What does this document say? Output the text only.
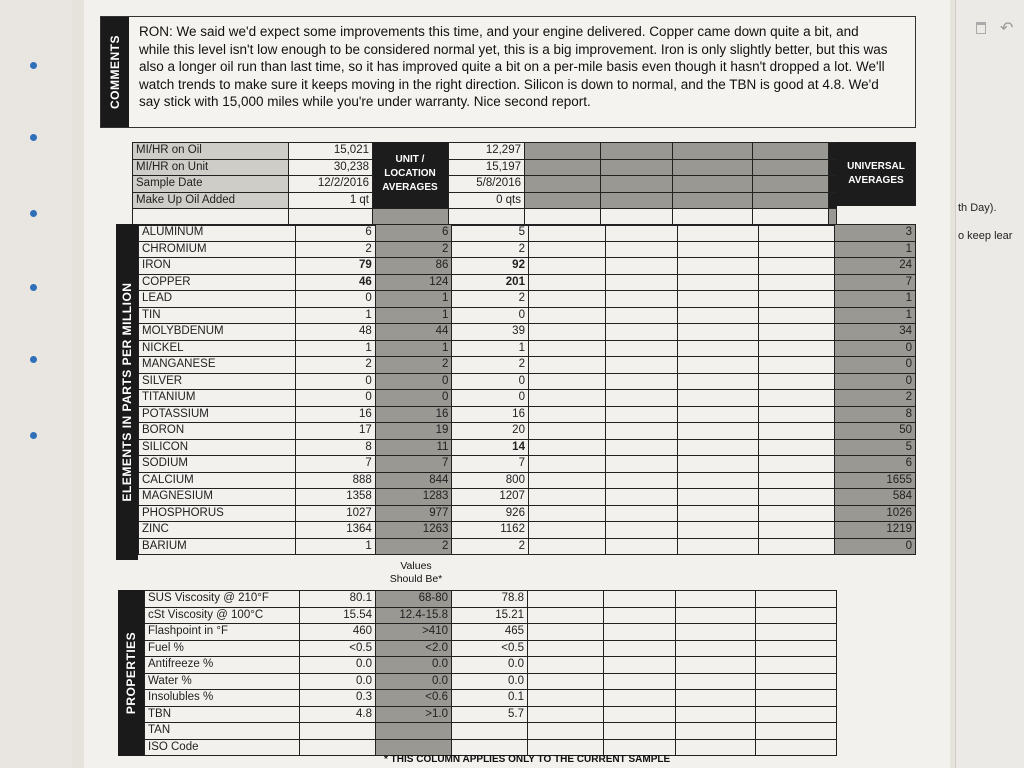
↶
th Day).
o keep lear
COMMENTS
RON: We said we'd expect some improvements this time, and your engine delivered. Copper came down quite a bit, and while this level isn't low enough to be considered normal yet, this is a big improvement. Iron is only slightly better, but this was also a longer oil run than last time, so it has improved quite a bit on a per-mile basis even though it hasn't dropped a lot. We'll watch trends to make sure it keeps moving in the right direction. Silicon is down to normal, and the TBN is good at 4.8. We'd say stick with 15,000 miles while you're under warranty. Nice second report.
MI/HR on Oil	15,021		12,297					
MI/HR on Unit	30,238		15,197					
Sample Date	12/2/2016		5/8/2016					
Make Up Oil Added	1 qt		0 qts					

UNIT / LOCATION AVERAGES
UNIVERSAL AVERAGES
ELEMENTS IN PARTS PER MILLION
ALUMINUM	6	6	5					3
CHROMIUM	2	2	2					1
IRON	79	86	92					24
COPPER	46	124	201					7
LEAD	0	1	2					1
TIN	1	1	0					1
MOLYBDENUM	48	44	39					34
NICKEL	1	1	1					0
MANGANESE	2	2	2					0
SILVER	0	0	0					0
TITANIUM	0	0	0					2
POTASSIUM	16	16	16					8
BORON	17	19	20					50
SILICON	8	11	14					5
SODIUM	7	7	7					6
CALCIUM	888	844	800					1655
MAGNESIUM	1358	1283	1207					584
PHOSPHORUS	1027	977	926					1026
ZINC	1364	1263	1162					1219
BARIUM	1	2	2					0
Values Should Be*
PROPERTIES
SUS Viscosity @ 210°F	80.1	68-80	78.8				
cSt Viscosity @ 100°C	15.54	12.4-15.8	15.21				
Flashpoint in °F	460	>410	465				
Fuel %	<0.5	<2.0	<0.5				
Antifreeze %	0.0	0.0	0.0				
Water %	0.0	0.0	0.0				
Insolubles %	0.3	<0.6	0.1				
TBN	4.8	>1.0	5.7				
TAN							
ISO Code							
* THIS COLUMN APPLIES ONLY TO THE CURRENT SAMPLE
